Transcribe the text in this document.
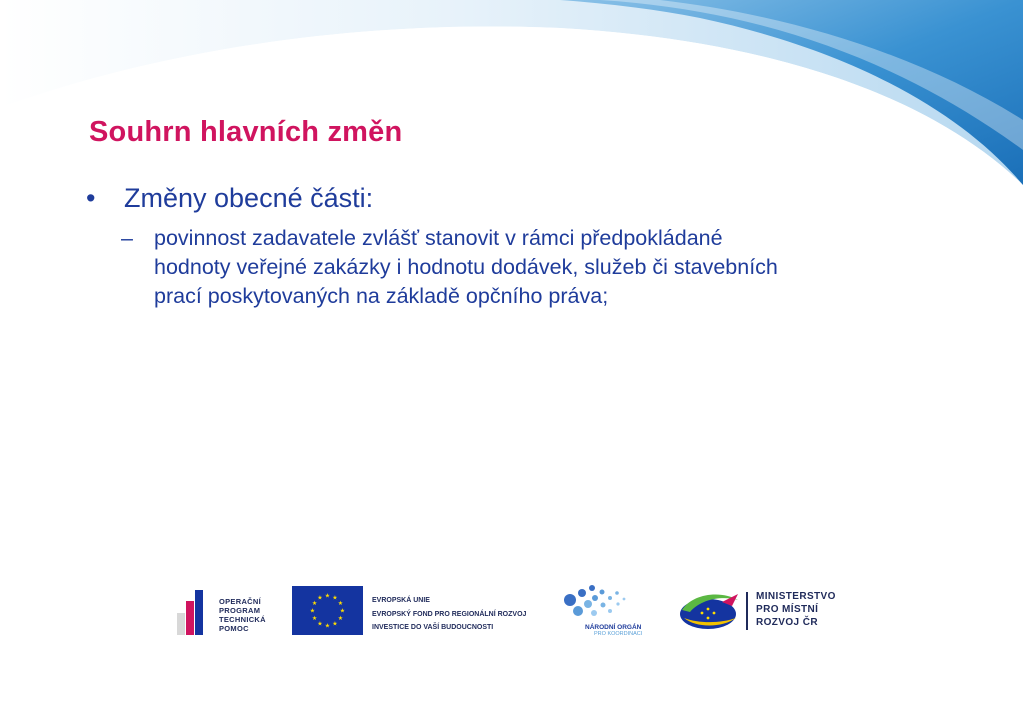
Souhrn hlavních změn
• Změny obecné části:
– povinnost zadavatele zvlášť stanovit v rámci předpokládané
hodnoty veřejné zakázky i hodnotu dodávek, služeb či stavebních
prací poskytovaných na základě opčního práva;
OPERAČNÍ
PROGRAM
TECHNICKÁ
POMOC
★ ★
★
★
★
★
★
★
★
★
★
★	EVROPSKÁ UNIE
EVROPSKÝ FOND PRO REGIONÁLNÍ ROZVOJ
INVESTICE DO VAŠÍ BUDOUCNOSTI	NÁRODNÍ ORGÁN
PRO KOORDINACI
MINISTERSTVO
PRO MÍSTNÍ
ROZVOJ ČR
